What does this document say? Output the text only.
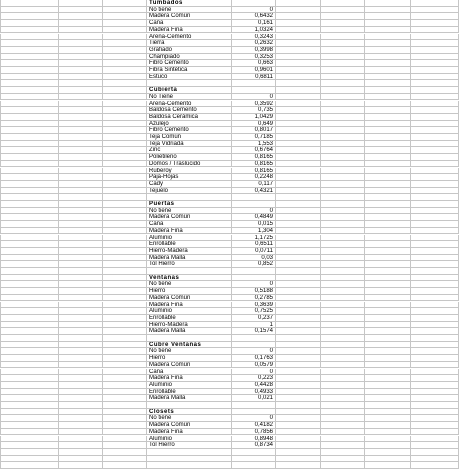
Tumbados
No tiene	0
Madera Común	0,6432
Caña	0,161
Madera Fina	1,0324
Arena-Cemento	0,3243
Tierra	0,2632
Grafiado	0,3998
Champiado	0,3253
Fibro Cemento	0,663
Fibra Sintética	0,9601
Estuco	0,6811
Cubierta
No Tiene	0
Arena-Cemento	0,3592
Baldosa Cemento	0,735
Baldosa Cerámica	1,0429
Azulejo	0,649
Fibro Cemento	0,8017
Teja Común	0,7185
Teja Vidriada	1,553
Zinc	0,6764
Polietileno	0,8165
Domos / Traslúcido	0,8165
Ruberoy	0,8165
Paja-Hojas	0,2248
Cady	0,117
Tejuelo	0,4321
Puertas
No tiene	0
Madera Común	0,4849
Caña	0,015
Madera Fina	1,304
Aluminio	1,1725
Enrollable	0,6511
Hierro-Madera	0,0711
Madera Malla	0,03
Tol Hierro	0,852
Ventanas
No tiene	0
Hierro	0,5188
Madera Común	0,2785
Madera Fina	0,3639
Aluminio	0,7525
Enrollable	0,237
Hierro-Madera	1
Madera Malla	0,1574
Cubre Ventanas
No tiene	0
Hierro	0,1763
Madera Común	0,0579
Caña	0
Madera Fina	0,223
Aluminio	0,4428
Enrollable	0,4933
Madera Malla	0,021
Closets
No tiene	0
Madera Común	0,4182
Madera Fina	0,7856
Aluminio	0,8948
Tol Hierro	0,8734
